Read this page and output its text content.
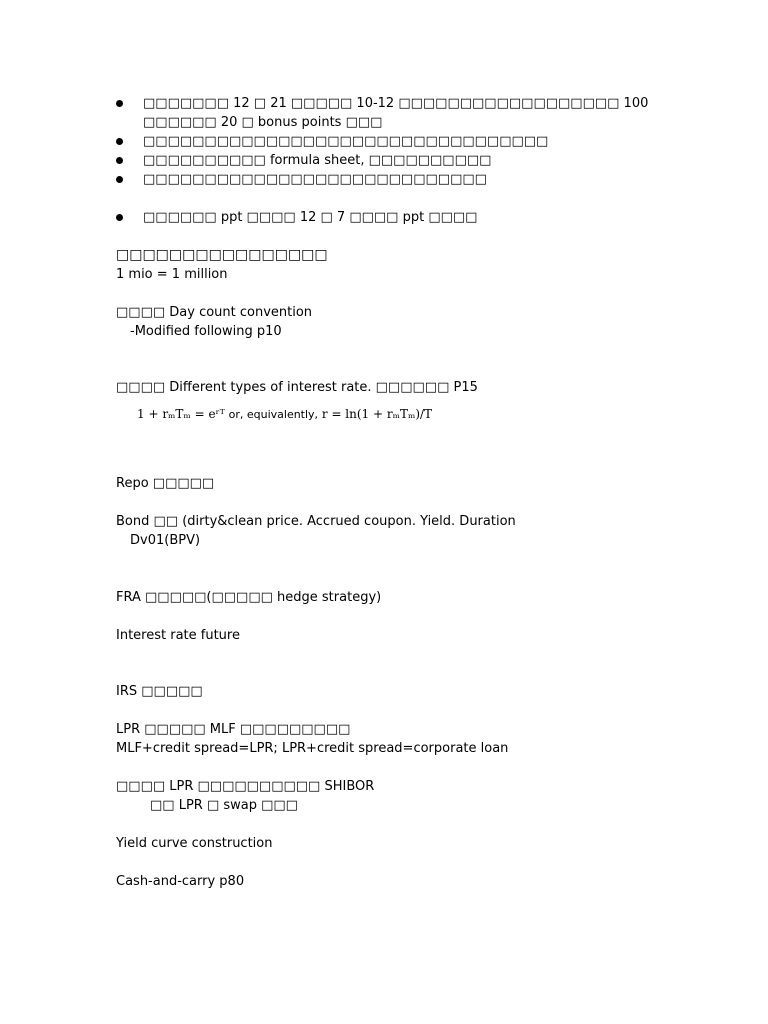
□□□□□□□ 12 □ 21 □□□□□ 10-12 □□□□□□□□□□□□□□□□□□ 100 □□□□□□ 20 □ bonus points □□□
□□□□□□□□□□□□□□□□□□□□□□□□□□□□□□□□□
□□□□□□□□□□ formula sheet, □□□□□□□□□□
□□□□□□□□□□□□□□□□□□□□□□□□□□□□
□□□□□□ ppt □□□□ 12 □ 7 □□□□ ppt □□□□
□□□□□□□□□□□□□□□□
1 mio = 1 million
□□□□ Day count convention
-Modified following p10
□□□□ Different types of interest rate. □□□□□□ P15
1 + rₘTₘ = eʳᵀ or, equivalently, r = ln(1 + rₘTₘ)/T
Repo □□□□□
Bond □□ (dirty&clean price. Accrued coupon. Yield. Duration
Dv01(BPV)
FRA □□□□□(□□□□□ hedge strategy)
Interest rate future
IRS □□□□□
LPR □□□□□ MLF □□□□□□□□□
MLF+credit spread=LPR; LPR+credit spread=corporate loan
□□□□ LPR □□□□□□□□□□ SHIBOR
□□ LPR □ swap □□□
Yield curve construction
Cash-and-carry p80
